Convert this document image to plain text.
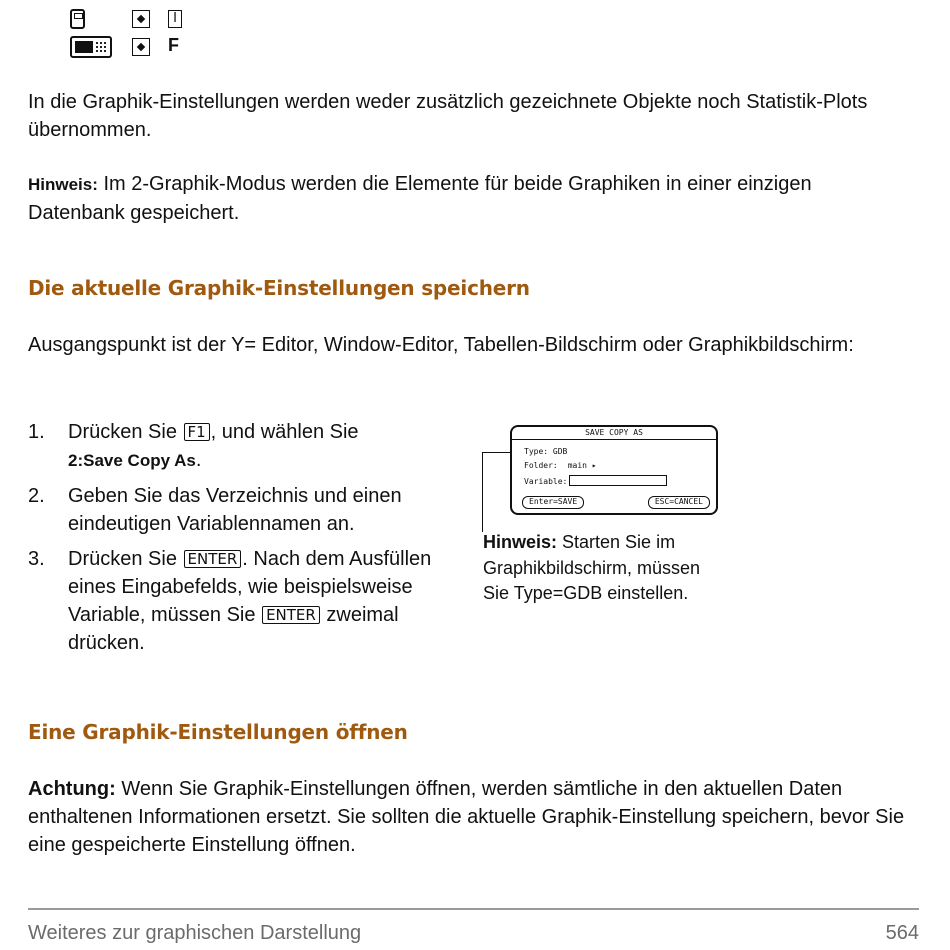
I
F

In die Graphik-Einstellungen werden weder zusätzlich gezeichnete Objekte noch Statistik-Plots übernommen.

Hinweis: Im 2-Graphik-Modus werden die Elemente für beide Graphiken in einer einzigen Datenbank gespeichert.

Die aktuelle Graphik-Einstellungen speichern

Ausgangspunkt ist der Y= Editor, Window-Editor, Tabellen-Bildschirm oder Graphikbildschirm:

1. Drücken Sie F1 , und wählen Sie
2:Save Copy As.
2. Geben Sie das Verzeichnis und einen eindeutigen Variablennamen an.
3. Drücken Sie ENTER . Nach dem Ausfüllen eines Eingabefelds, wie beispielsweise Variable, müssen Sie ENTER zweimal drücken.
SAVE COPY AS
Type: GDB
Folder: main ▸
Variable:
Enter=SAVE	ESC=CANCEL

Hinweis: Starten Sie im Graphikbildschirm, müssen Sie Type=GDB einstellen.

Eine Graphik-Einstellungen öffnen

Achtung: Wenn Sie Graphik-Einstellungen öffnen, werden sämtliche in den aktuellen Daten enthaltenen Informationen ersetzt. Sie sollten die aktuelle Graphik-Einstellung speichern, bevor Sie eine gespeicherte Einstellung öffnen.

Weiteres zur graphischen Darstellung	564
